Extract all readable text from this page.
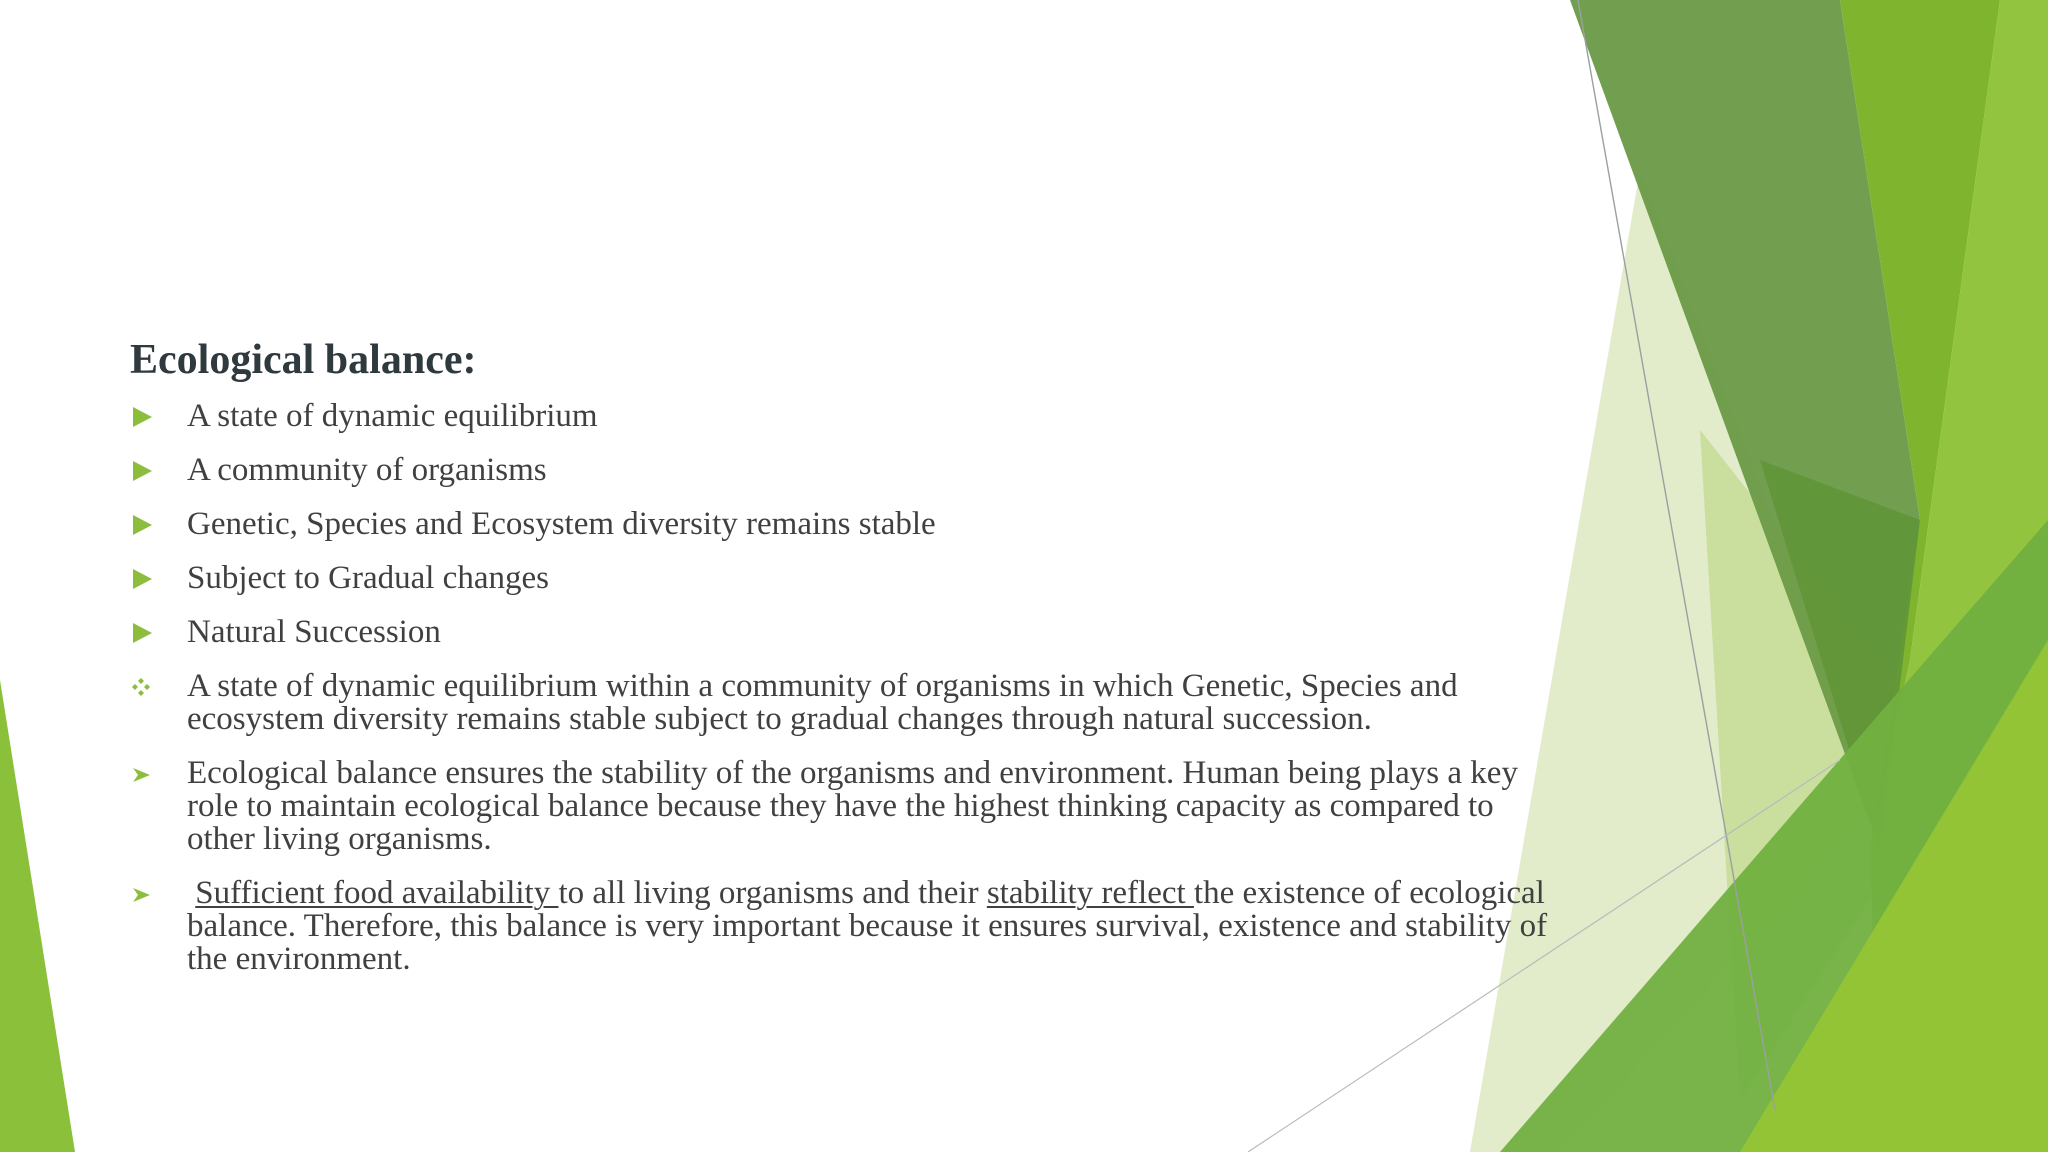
Ecological balance:
A state of dynamic equilibrium
A community of organisms
Genetic, Species and Ecosystem diversity remains stable
Subject to Gradual changes
Natural Succession
A state of dynamic equilibrium within a community of organisms in which Genetic, Species and ecosystem diversity remains stable subject to gradual changes through natural succession.
Ecological balance ensures the stability of the organisms and environment. Human being plays a key role to maintain ecological balance because they have the highest thinking capacity as compared to other living organisms.
Sufficient food availability to all living organisms and their stability reflect the existence of ecological balance. Therefore, this balance is very important because it ensures survival, existence and stability of the environment.
